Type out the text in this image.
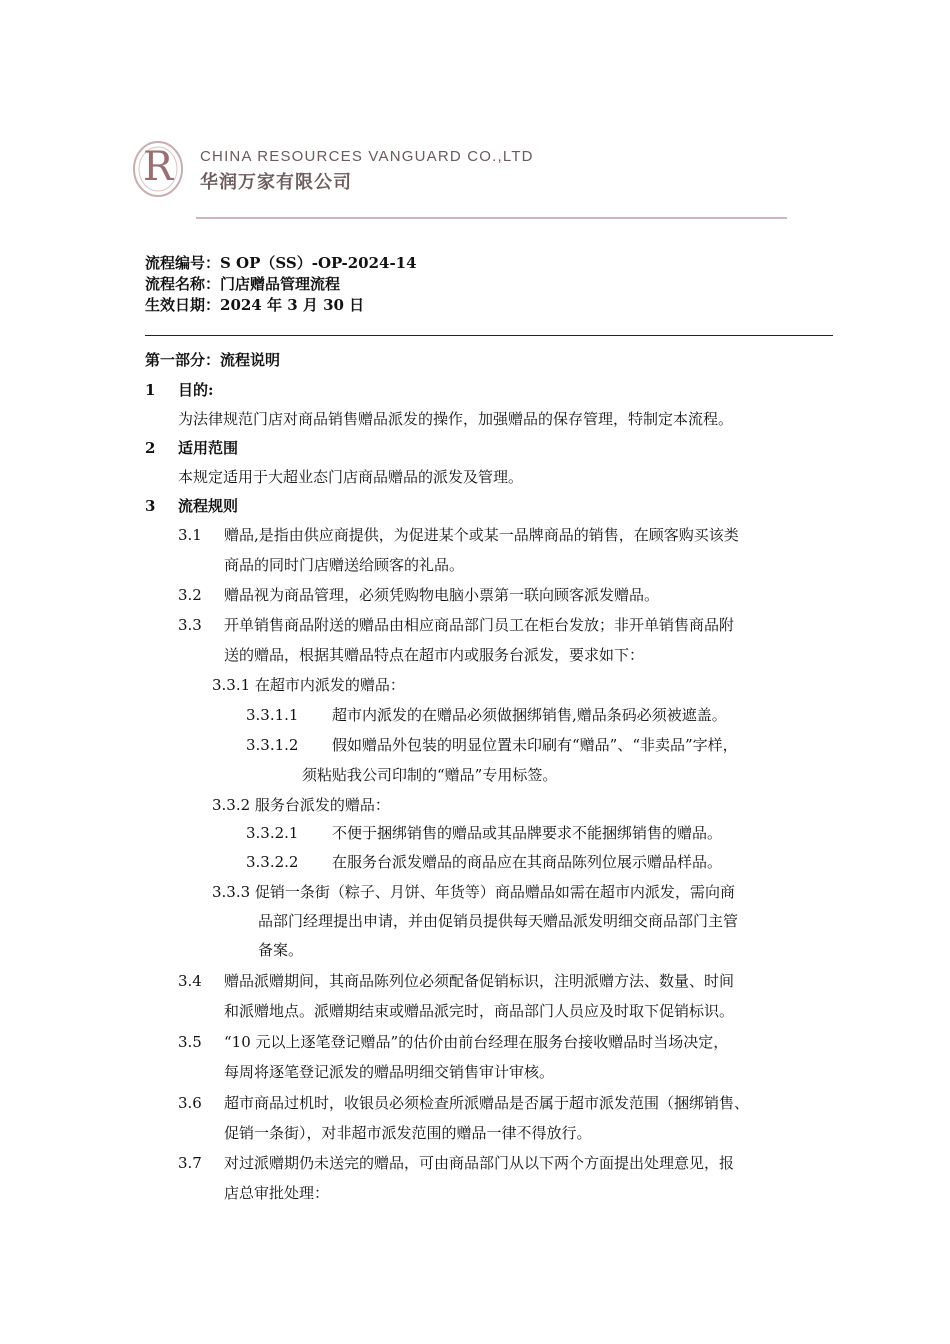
R CHINA RESOURCES VANGUARD CO.,LTD
华润万家有限公司
流程编号：S OP（SS）-OP-2024-14
流程名称：门店赠品管理流程
生效日期：2024 年 3 月 30 日
第一部分：流程说明
1 目的:
为法律规范门店对商品销售赠品派发的操作，加强赠品的保存管理，特制定本流程。
2 适用范围
本规定适用于大超业态门店商品赠品的派发及管理。
3 流程规则
3.1 赠品,是指由供应商提供，为促进某个或某一品牌商品的销售，在顾客购买该类
商品的同时门店赠送给顾客的礼品。
3.2 赠品视为商品管理，必须凭购物电脑小票第一联向顾客派发赠品。
3.3 开单销售商品附送的赠品由相应商品部门员工在柜台发放；非开单销售商品附
送的赠品，根据其赠品特点在超市内或服务台派发，要求如下：
3.3.1 在超市内派发的赠品：
3.3.1.1 超市内派发的在赠品必须做捆绑销售,赠品条码必须被遮盖。
3.3.1.2 假如赠品外包装的明显位置未印刷有“赠品”、“非卖品”字样，
须粘贴我公司印制的“赠品”专用标签。
3.3.2 服务台派发的赠品：
3.3.2.1 不便于捆绑销售的赠品或其品牌要求不能捆绑销售的赠品。
3.3.2.2 在服务台派发赠品的商品应在其商品陈列位展示赠品样品。
3.3.3 促销一条街（粽子、月饼、年货等）商品赠品如需在超市内派发，需向商
品部门经理提出申请，并由促销员提供每天赠品派发明细交商品部门主管
备案。
3.4 赠品派赠期间，其商品陈列位必须配备促销标识，注明派赠方法、数量、时间
和派赠地点。派赠期结束或赠品派完时，商品部门人员应及时取下促销标识。
3.5 “10 元以上逐笔登记赠品”的估价由前台经理在服务台接收赠品时当场决定，
每周将逐笔登记派发的赠品明细交销售审计审核。
3.6 超市商品过机时，收银员必须检查所派赠品是否属于超市派发范围（捆绑销售、
促销一条街），对非超市派发范围的赠品一律不得放行。
3.7 对过派赠期仍未送完的赠品，可由商品部门从以下两个方面提出处理意见，报
店总审批处理：
